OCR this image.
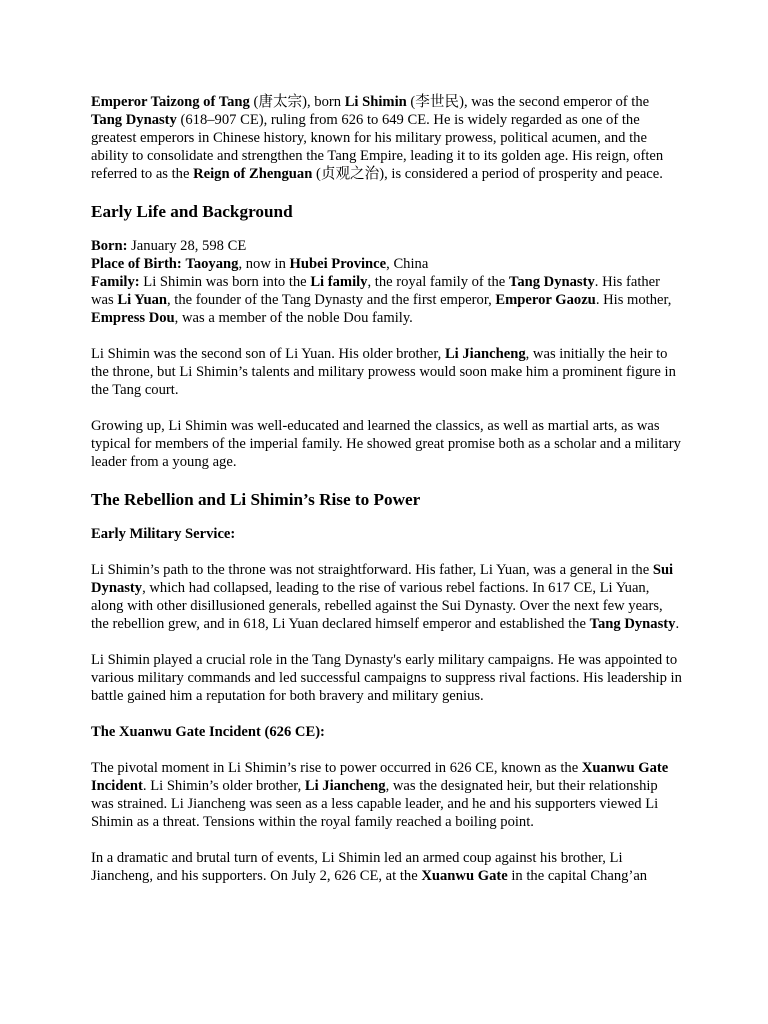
Emperor Taizong of Tang (唐太宗), born Li Shimin (李世民), was the second emperor of the Tang Dynasty (618–907 CE), ruling from 626 to 649 CE. He is widely regarded as one of the greatest emperors in Chinese history, known for his military prowess, political acumen, and the ability to consolidate and strengthen the Tang Empire, leading it to its golden age. His reign, often referred to as the Reign of Zhenguan (贞观之治), is considered a period of prosperity and peace.

Early Life and Background

Born: January 28, 598 CE

Place of Birth: Taoyang, now in Hubei Province, China

Family: Li Shimin was born into the Li family, the royal family of the Tang Dynasty. His father was Li Yuan, the founder of the Tang Dynasty and the first emperor, Emperor Gaozu. His mother, Empress Dou, was a member of the noble Dou family.

Li Shimin was the second son of Li Yuan. His older brother, Li Jiancheng, was initially the heir to the throne, but Li Shimin’s talents and military prowess would soon make him a prominent figure in the Tang court.

Growing up, Li Shimin was well-educated and learned the classics, as well as martial arts, as was typical for members of the imperial family. He showed great promise both as a scholar and a military leader from a young age.

The Rebellion and Li Shimin’s Rise to Power
Early Military Service:

Li Shimin’s path to the throne was not straightforward. His father, Li Yuan, was a general in the Sui Dynasty, which had collapsed, leading to the rise of various rebel factions. In 617 CE, Li Yuan, along with other disillusioned generals, rebelled against the Sui Dynasty. Over the next few years, the rebellion grew, and in 618, Li Yuan declared himself emperor and established the Tang Dynasty.

Li Shimin played a crucial role in the Tang Dynasty's early military campaigns. He was appointed to various military commands and led successful campaigns to suppress rival factions. His leadership in battle gained him a reputation for both bravery and military genius.

The Xuanwu Gate Incident (626 CE):

The pivotal moment in Li Shimin’s rise to power occurred in 626 CE, known as the Xuanwu Gate Incident. Li Shimin’s older brother, Li Jiancheng, was the designated heir, but their relationship was strained. Li Jiancheng was seen as a less capable leader, and he and his supporters viewed Li Shimin as a threat. Tensions within the royal family reached a boiling point.

In a dramatic and brutal turn of events, Li Shimin led an armed coup against his brother, Li Jiancheng, and his supporters. On July 2, 626 CE, at the Xuanwu Gate in the capital Chang’an
